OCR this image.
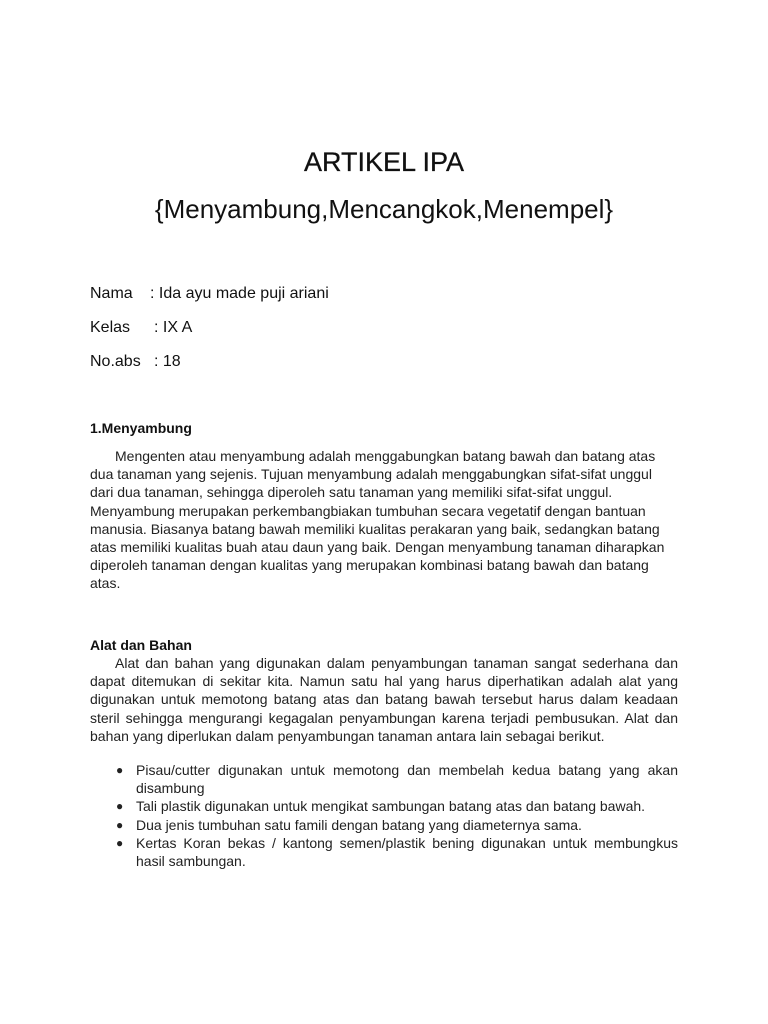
ARTIKEL IPA
{Menyambung,Mencangkok,Menempel}
Nama : Ida ayu made puji ariani
Kelas : IX A
No.abs : 18
1.Menyambung

Mengenten atau menyambung adalah menggabungkan batang bawah dan batang atas dua tanaman yang sejenis. Tujuan menyambung adalah menggabungkan sifat-sifat unggul dari dua tanaman, sehingga diperoleh satu tanaman yang memiliki sifat-sifat unggul. Menyambung merupakan perkembangbiakan tumbuhan secara vegetatif dengan bantuan manusia. Biasanya batang bawah memiliki kualitas perakaran yang baik, sedangkan batang atas memiliki kualitas buah atau daun yang baik. Dengan menyambung tanaman diharapkan diperoleh tanaman dengan kualitas yang merupakan kombinasi batang bawah dan batang atas.

Alat dan Bahan

Alat dan bahan yang digunakan dalam penyambungan tanaman sangat sederhana dan dapat ditemukan di sekitar kita. Namun satu hal yang harus diperhatikan adalah alat yang digunakan untuk memotong batang atas dan batang bawah tersebut harus dalam keadaan steril sehingga mengurangi kegagalan penyambungan karena terjadi pembusukan. Alat dan bahan yang diperlukan dalam penyambungan tanaman antara lain sebagai berikut.

● Pisau/cutter digunakan untuk memotong dan membelah kedua batang yang akan disambung
● Tali plastik digunakan untuk mengikat sambungan batang atas dan batang bawah.
● Dua jenis tumbuhan satu famili dengan batang yang diameternya sama.
● Kertas Koran bekas / kantong semen/plastik bening digunakan untuk membungkus hasil sambungan.
